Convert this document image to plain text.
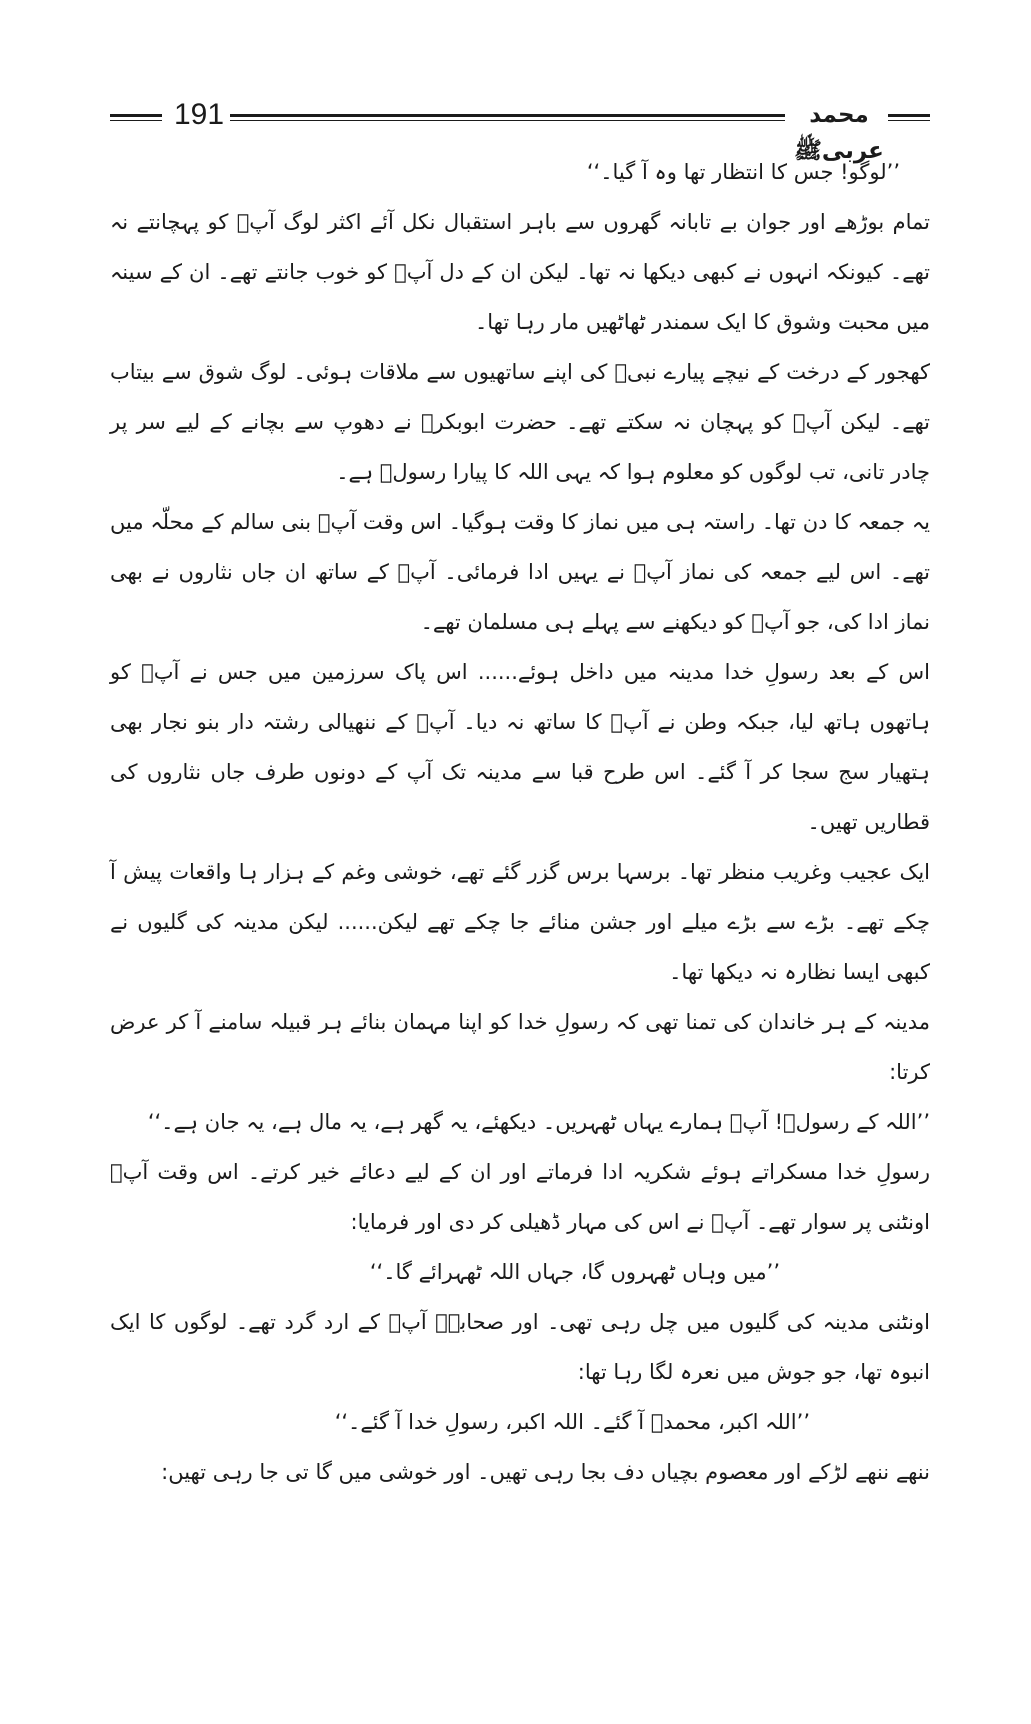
191	محمد عربیﷺ

’’لوگو! جس کا انتظار تھا وہ آ گیا۔‘‘

تمام بوڑھے اور جوان بے تابانہ گھروں سے باہر استقبال نکل آئے اکثر لوگ آپؐ کو پہچانتے نہ تھے۔ کیونکہ انہوں نے کبھی دیکھا نہ تھا۔ لیکن ان کے دل آپؐ کو خوب جانتے تھے۔ ان کے سینہ میں محبت وشوق کا ایک سمندر ٹھاٹھیں مار رہا تھا۔

کھجور کے درخت کے نیچے پیارے نبیؐ کی اپنے ساتھیوں سے ملاقات ہوئی۔ لوگ شوق سے بیتاب تھے۔ لیکن آپؐ کو پہچان نہ سکتے تھے۔ حضرت ابوبکرؓ نے دھوپ سے بچانے کے لیے سر پر چادر تانی، تب لوگوں کو معلوم ہوا کہ یہی اللہ کا پیارا رسولؐ ہے۔

یہ جمعہ کا دن تھا۔ راستہ ہی میں نماز کا وقت ہوگیا۔ اس وقت آپؐ بنی سالم کے محلّہ میں تھے۔ اس لیے جمعہ کی نماز آپؐ نے یہیں ادا فرمائی۔ آپؐ کے ساتھ ان جاں نثاروں نے بھی نماز ادا کی، جو آپؐ کو دیکھنے سے پہلے ہی مسلمان تھے۔

اس کے بعد رسولِ خدا مدینہ میں داخل ہوئے...... اس پاک سرزمین میں جس نے آپؐ کو ہاتھوں ہاتھ لیا، جبکہ وطن نے آپؐ کا ساتھ نہ دیا۔ آپؐ کے ننھیالی رشتہ دار بنو نجار بھی ہتھیار سج سجا کر آ گئے۔ اس طرح قبا سے مدینہ تک آپ کے دونوں طرف جاں نثاروں کی قطاریں تھیں۔

ایک عجیب وغریب منظر تھا۔ برسہا برس گزر گئے تھے، خوشی وغم کے ہزار ہا واقعات پیش آ چکے تھے۔ بڑے سے بڑے میلے اور جشن منائے جا چکے تھے لیکن...... لیکن مدینہ کی گلیوں نے کبھی ایسا نظارہ نہ دیکھا تھا۔

مدینہ کے ہر خاندان کی تمنا تھی کہ رسولِ خدا کو اپنا مہمان بنائے ہر قبیلہ سامنے آ کر عرض کرتا:

’’اللہ کے رسولؐ! آپؐ ہمارے یہاں ٹھہریں۔ دیکھئے، یہ گھر ہے، یہ مال ہے، یہ جان ہے۔‘‘

رسولِ خدا مسکراتے ہوئے شکریہ ادا فرماتے اور ان کے لیے دعائے خیر کرتے۔ اس وقت آپؐ اونٹنی پر سوار تھے۔ آپؐ نے اس کی مہار ڈھیلی کر دی اور فرمایا:

’’میں وہاں ٹھہروں گا، جہاں اللہ ٹھہرائے گا۔‘‘

اونٹنی مدینہ کی گلیوں میں چل رہی تھی۔ اور صحابہؓ آپؐ کے ارد گرد تھے۔ لوگوں کا ایک انبوہ تھا، جو جوش میں نعرہ لگا رہا تھا:

’’اللہ اکبر، محمدؐ آ گئے۔ اللہ اکبر، رسولِ خدا آ گئے۔‘‘

ننھے ننھے لڑکے اور معصوم بچیاں دف بجا رہی تھیں۔ اور خوشی میں گا تی جا رہی تھیں:
